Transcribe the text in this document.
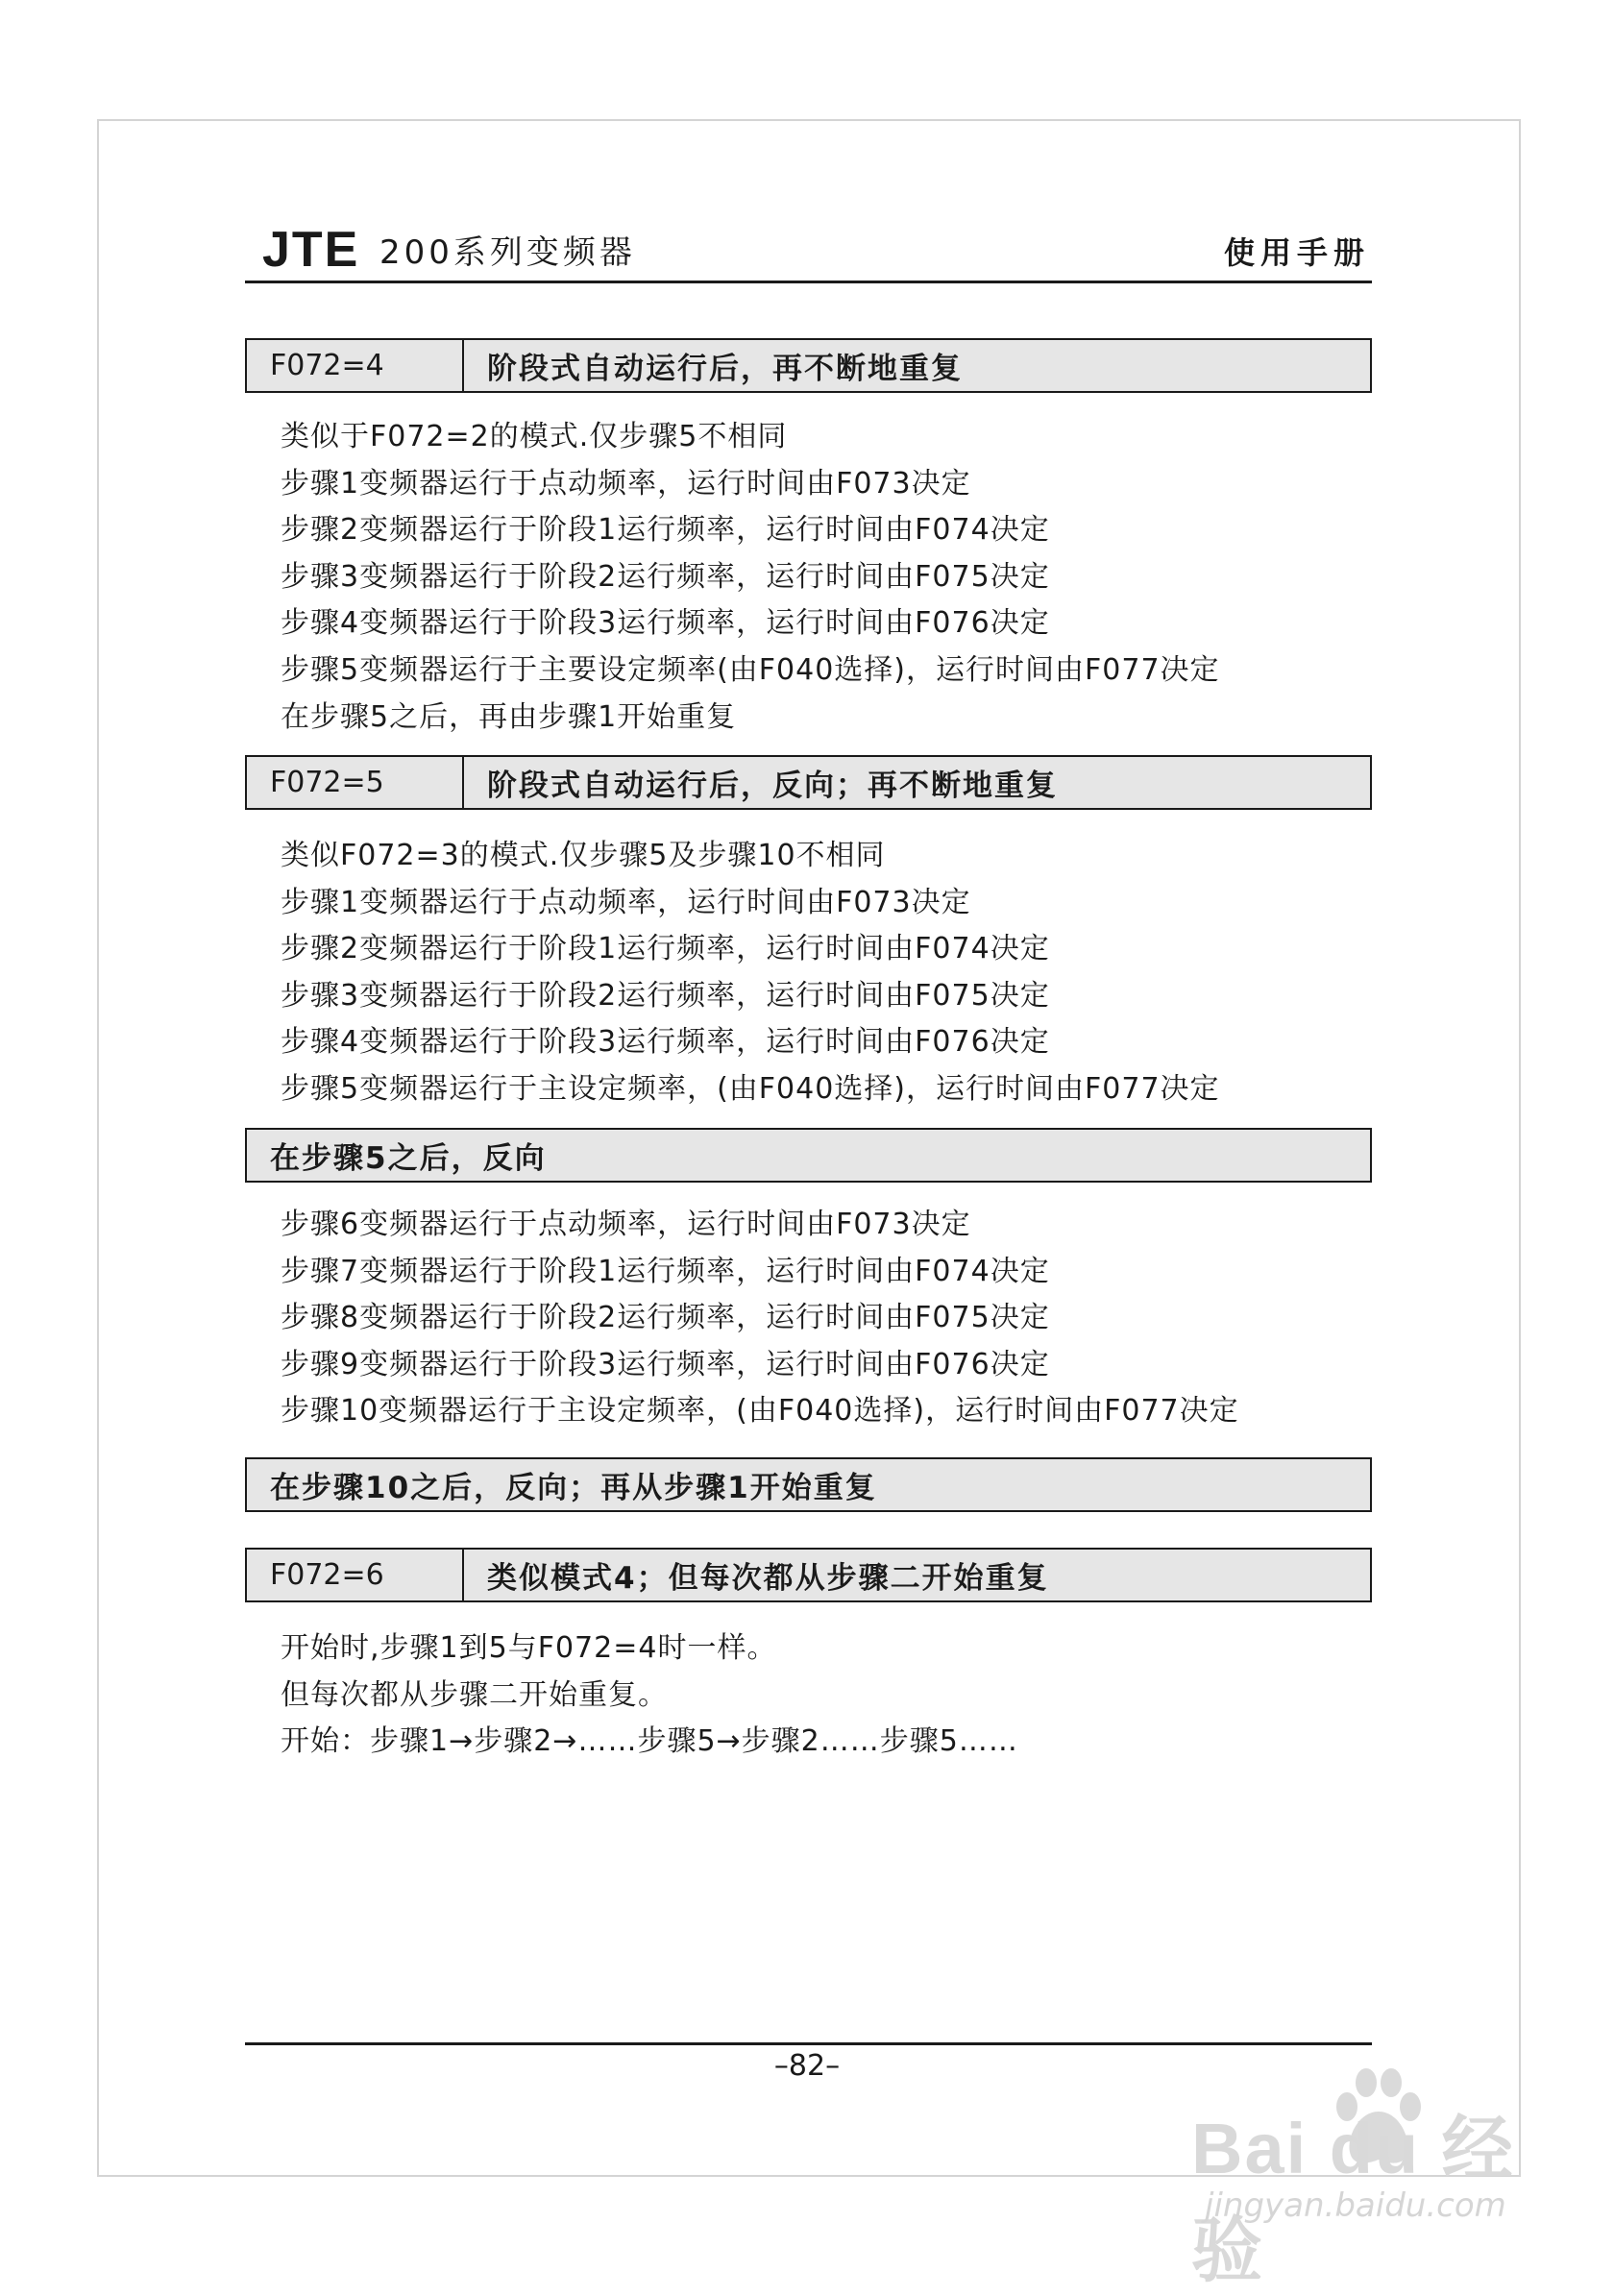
JTE 200系列变频器	使用手册
F072=4	阶段式自动运行后，再不断地重复
类似于F072=2的模式.仅步骤5不相同
步骤1变频器运行于点动频率，运行时间由F073决定
步骤2变频器运行于阶段1运行频率，运行时间由F074决定
步骤3变频器运行于阶段2运行频率，运行时间由F075决定
步骤4变频器运行于阶段3运行频率，运行时间由F076决定
步骤5变频器运行于主要设定频率(由F040选择)，运行时间由F077决定
在步骤5之后，再由步骤1开始重复
F072=5	阶段式自动运行后，反向；再不断地重复
类似F072=3的模式.仅步骤5及步骤10不相同
步骤1变频器运行于点动频率，运行时间由F073决定
步骤2变频器运行于阶段1运行频率，运行时间由F074决定
步骤3变频器运行于阶段2运行频率，运行时间由F075决定
步骤4变频器运行于阶段3运行频率，运行时间由F076决定
步骤5变频器运行于主设定频率，(由F040选择)，运行时间由F077决定
在步骤5之后，反向
步骤6变频器运行于点动频率，运行时间由F073决定
步骤7变频器运行于阶段1运行频率，运行时间由F074决定
步骤8变频器运行于阶段2运行频率，运行时间由F075决定
步骤9变频器运行于阶段3运行频率，运行时间由F076决定
步骤10变频器运行于主设定频率，(由F040选择)，运行时间由F077决定
在步骤10之后，反向；再从步骤1开始重复
F072=6	类似模式4；但每次都从步骤二开始重复
开始时,步骤1到5与F072=4时一样。
但每次都从步骤二开始重复。
开始：步骤1→步骤2→……步骤5→步骤2……步骤5……
–82–
Bai du 经验
jingyan.baidu.com
